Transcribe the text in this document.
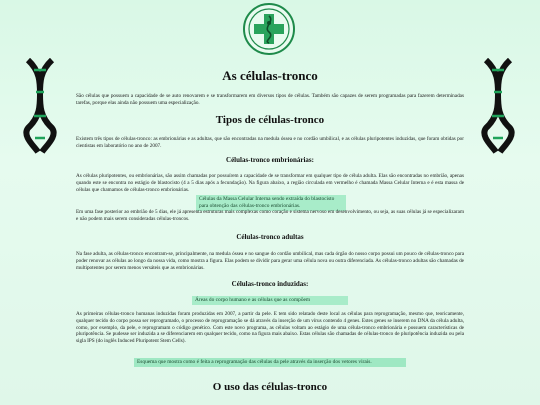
As células-tronco
São células que possuem a capacidade de se auto renovarem e se transformarem em diversos tipos de células. Também são capazes de serem programadas para fazerem determinadas tarefas, porque elas ainda não possuem uma especialização.
Tipos de células-tronco
Existem três tipos de células-tronco: as embrionárias e as adultas, que são encontradas na medula óssea e no cordão umbilical, e as células pluripotentes induzidas, que foram obtidas por cientistas em laboratório no ano de 2007.
Células-tronco embrionárias:
As células pluripotentes, ou embrionárias, são assim chamadas por possuírem a capacidade de se transformar em qualquer tipo de célula adulta. Elas são encontradas no embrião, apenas quando este se encontra no estágio de blastocisto (4 a 5 dias após a fecundação). Na figura abaixo, a região circulada em vermelho é chamada Massa Celular Interna e é esta massa de células que chamamos de células-tronco embrionárias.
Células da Massa Celular Interna sendo extraída do blastocisto para obtenção das células-tronco embrionárias.
Em uma fase posterior ao embrião de 5 dias, ele já apresenta estruturas mais complexas como coração e sistema nervoso em desenvolvimento, ou seja, as suas células já se especializaram e não podem mais serem consideradas células-troncos.
Células-tronco adultas
Na fase adulta, as células-tronco encontram-se, principalmente, na medula óssea e no sangue do cordão umbilical, mas cada órgão do nosso corpo possui um pouco de células-tronco para poder renovar as células ao longo da nossa vida, como mostra a figura. Elas podem se dividir para gerar uma célula nova ou outra diferenciada. As células-tronco adultas são chamadas de multipotentes por serem menos versáteis que as embrionárias.
Células-tronco induzidas:
Áreas do corpo humano e as células que as compõem
As primeiras células-tronco humanas induzidas foram produzidas em 2007, a partir da pele. E tem sido relatado deste local as células para reprogramação, mesmo que, teoricamente, qualquer tecido do corpo possa ser reprogramado, o processo de reprogramação se dá através da inserção de um vírus contendo 4 genes. Estes genes se inserem no DNA da célula adulta, como, por exemplo, da pele, e reprogramam o código genético. Com este novo programa, as células voltam ao estágio de uma célula-tronco embrionária e possuem características de pluripotência. Se pudesse ser induzida a se diferenciarem em qualquer tecido, como na figura mais abaixo. Estas células são chamadas de células-tronco de pluripotência induzida ou pela sigla IPS (do inglês Induced Pluripotent Stem Cells).
Esquema que mostra como é feita a reprogramação das células da pele através da inserção dos vetores virais.
O uso das células-tronco
